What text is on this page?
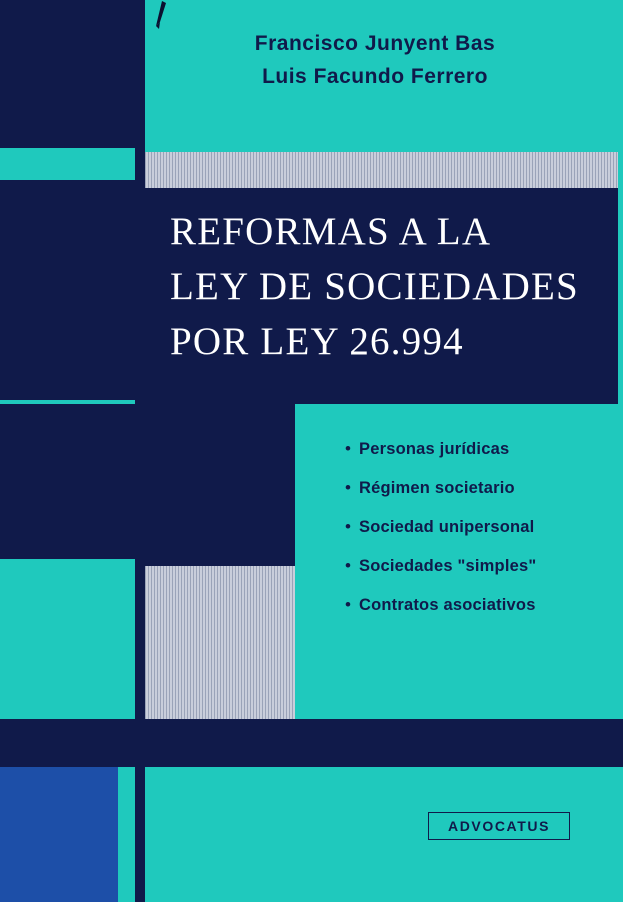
Francisco Junyent Bas
Luis Facundo Ferrero
REFORMAS A LA
LEY DE SOCIEDADES
POR LEY 26.994
• Personas jurídicas
• Régimen societario
• Sociedad unipersonal
• Sociedades "simples"
• Contratos asociativos
ADVOCATUS
